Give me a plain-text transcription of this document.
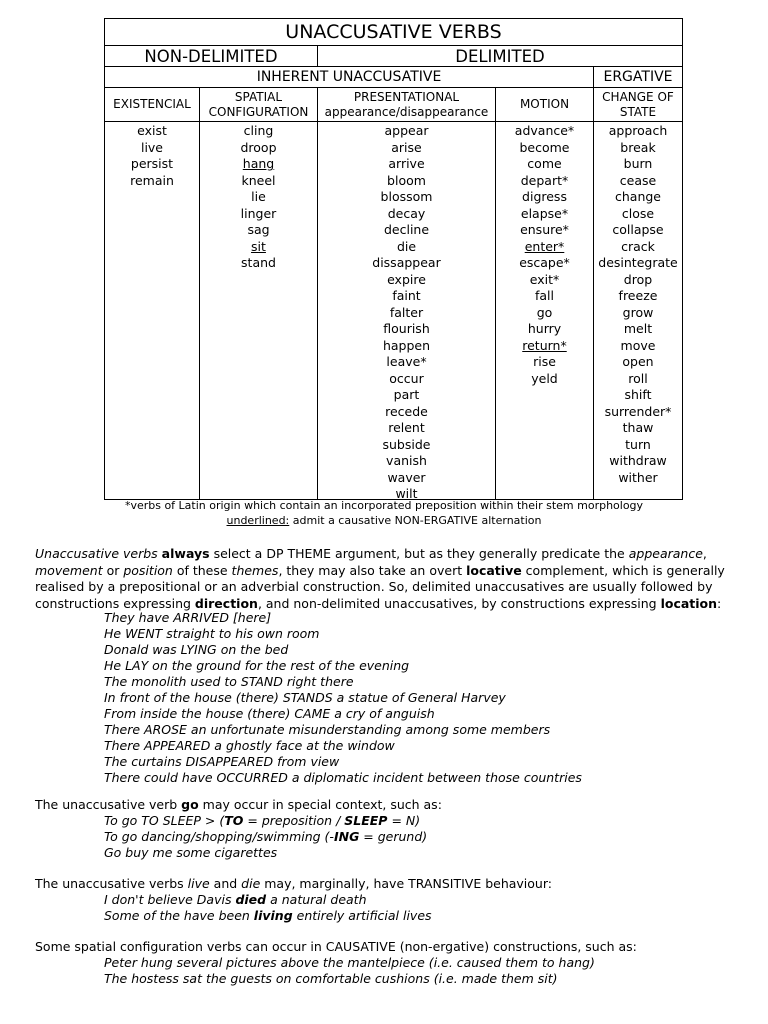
UNACCUSATIVE VERBS
NON-DELIMITED	DELIMITED
INHERENT UNACCUSATIVE	ERGATIVE
EXISTENCIAL
SPATIAL
CONFIGURATION
PRESENTATIONAL
appearance/disappearance
MOTION
CHANGE OF
STATE
exist
live
persist
remain
cling
droop
hang
kneel
lie
linger
sag
sit
stand
appear
arise
arrive
bloom
blossom
decay
decline
die
dissappear
expire
faint
falter
flourish
happen
leave*
occur
part
recede
relent
subside
vanish
waver
wilt
advance*
become
come
depart*
digress
elapse*
ensure*
enter*
escape*
exit*
fall
go
hurry
return*
rise
yeld
approach
break
burn
cease
change
close
collapse
crack
desintegrate
drop
freeze
grow
melt
move
open
roll
shift
surrender*
thaw
turn
withdraw
wither
*verbs of Latin origin which contain an incorporated preposition within their stem morphology
underlined: admit a causative NON-ERGATIVE alternation
Unaccusative verbs always select a DP THEME argument, but as they generally predicate the appearance, movement or position of these themes, they may also take an overt locative complement, which is generally realised by a prepositional or an adverbial construction. So, delimited unaccusatives are usually followed by constructions expressing direction, and non-delimited unaccusatives, by constructions expressing location:
They have ARRIVED [here]
He WENT straight to his own room
Donald was LYING on the bed
He LAY on the ground for the rest of the evening
The monolith used to STAND right there
In front of the house (there) STANDS a statue of General Harvey
From inside the house (there) CAME a cry of anguish
There AROSE an unfortunate misunderstanding among some members
There APPEARED a ghostly face at the window
The curtains DISAPPEARED from view
There could have OCCURRED a diplomatic incident between those countries
The unaccusative verb go may occur in special context, such as:
To go TO SLEEP > (TO = preposition / SLEEP = N)
To go dancing/shopping/swimming (-ING = gerund)
Go buy me some cigarettes
The unaccusative verbs live and die may, marginally, have TRANSITIVE behaviour:
I don't believe Davis died a natural death
Some of the have been living entirely artificial lives
Some spatial configuration verbs can occur in CAUSATIVE (non-ergative) constructions, such as:
Peter hung several pictures above the mantelpiece (i.e. caused them to hang)
The hostess sat the guests on comfortable cushions (i.e. made them sit)
